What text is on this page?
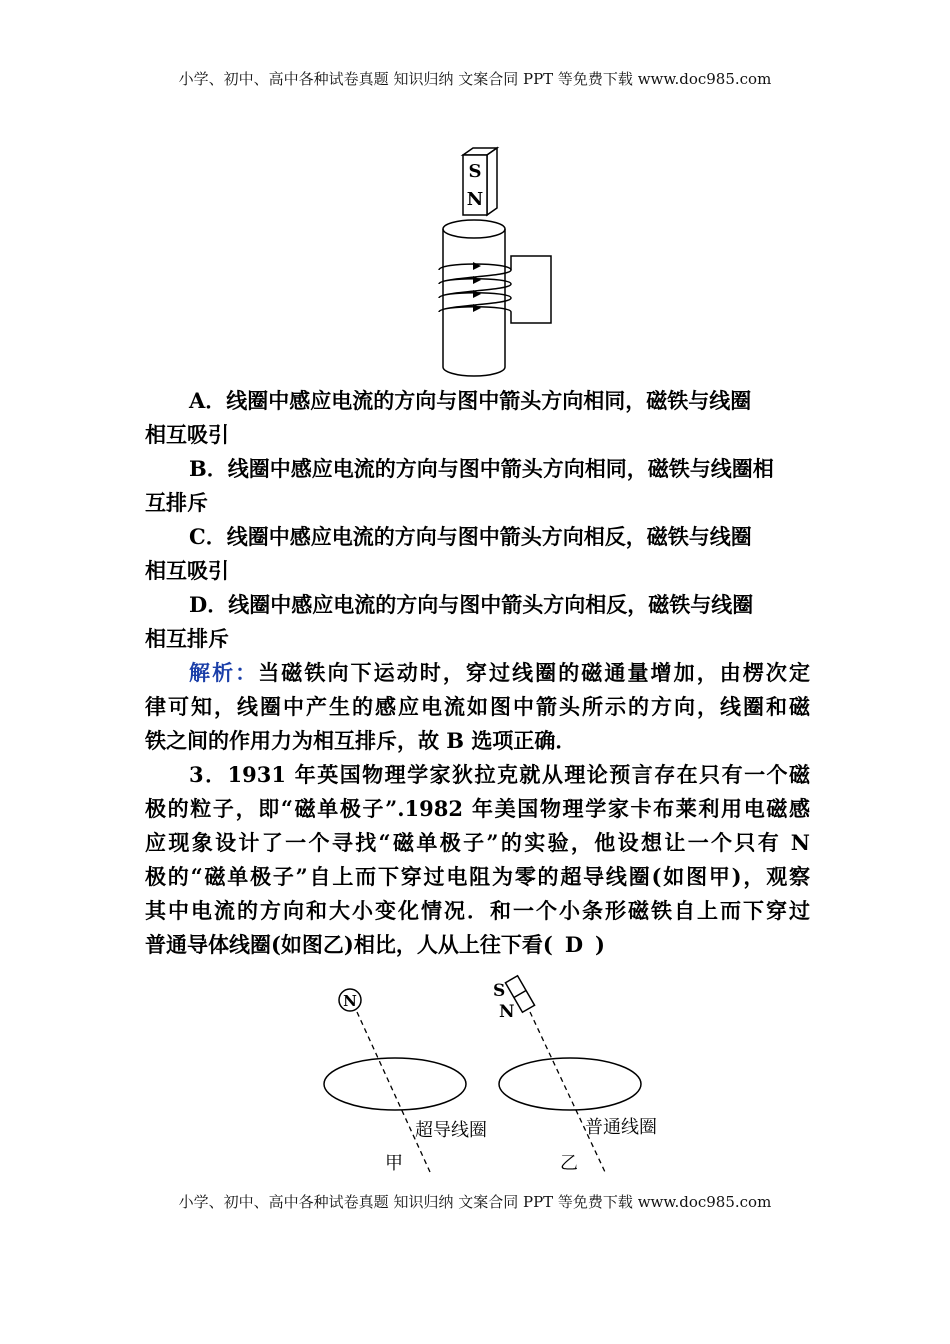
小学、初中、高中各种试卷真题 知识归纳 文案合同 PPT 等免费下载 www.doc985.com
S
N
A．线圈中感应电流的方向与图中箭头方向相同，磁铁与线圈
相互吸引
B．线圈中感应电流的方向与图中箭头方向相同，磁铁与线圈相
互排斥
C．线圈中感应电流的方向与图中箭头方向相反，磁铁与线圈
相互吸引
D．线圈中感应电流的方向与图中箭头方向相反，磁铁与线圈
相互排斥
解析：当磁铁向下运动时，穿过线圈的磁通量增加，由楞次定
律可知，线圈中产生的感应电流如图中箭头所示的方向，线圈和磁
铁之间的作用力为相互排斥，故 B 选项正确．
3．1931 年英国物理学家狄拉克就从理论预言存在只有一个磁
极的粒子，即“磁单极子”.1982 年美国物理学家卡布莱利用电磁感
应现象设计了一个寻找“磁单极子”的实验，他设想让一个只有 N
极的“磁单极子”自上而下穿过电阻为零的超导线圈(如图甲)，观察
其中电流的方向和大小变化情况．和一个小条形磁铁自上而下穿过
普通导体线圈(如图乙)相比，人从上往下看( D )
N
超导线圈
甲
S
N
普通线圈
乙
小学、初中、高中各种试卷真题 知识归纳 文案合同 PPT 等免费下载 www.doc985.com
